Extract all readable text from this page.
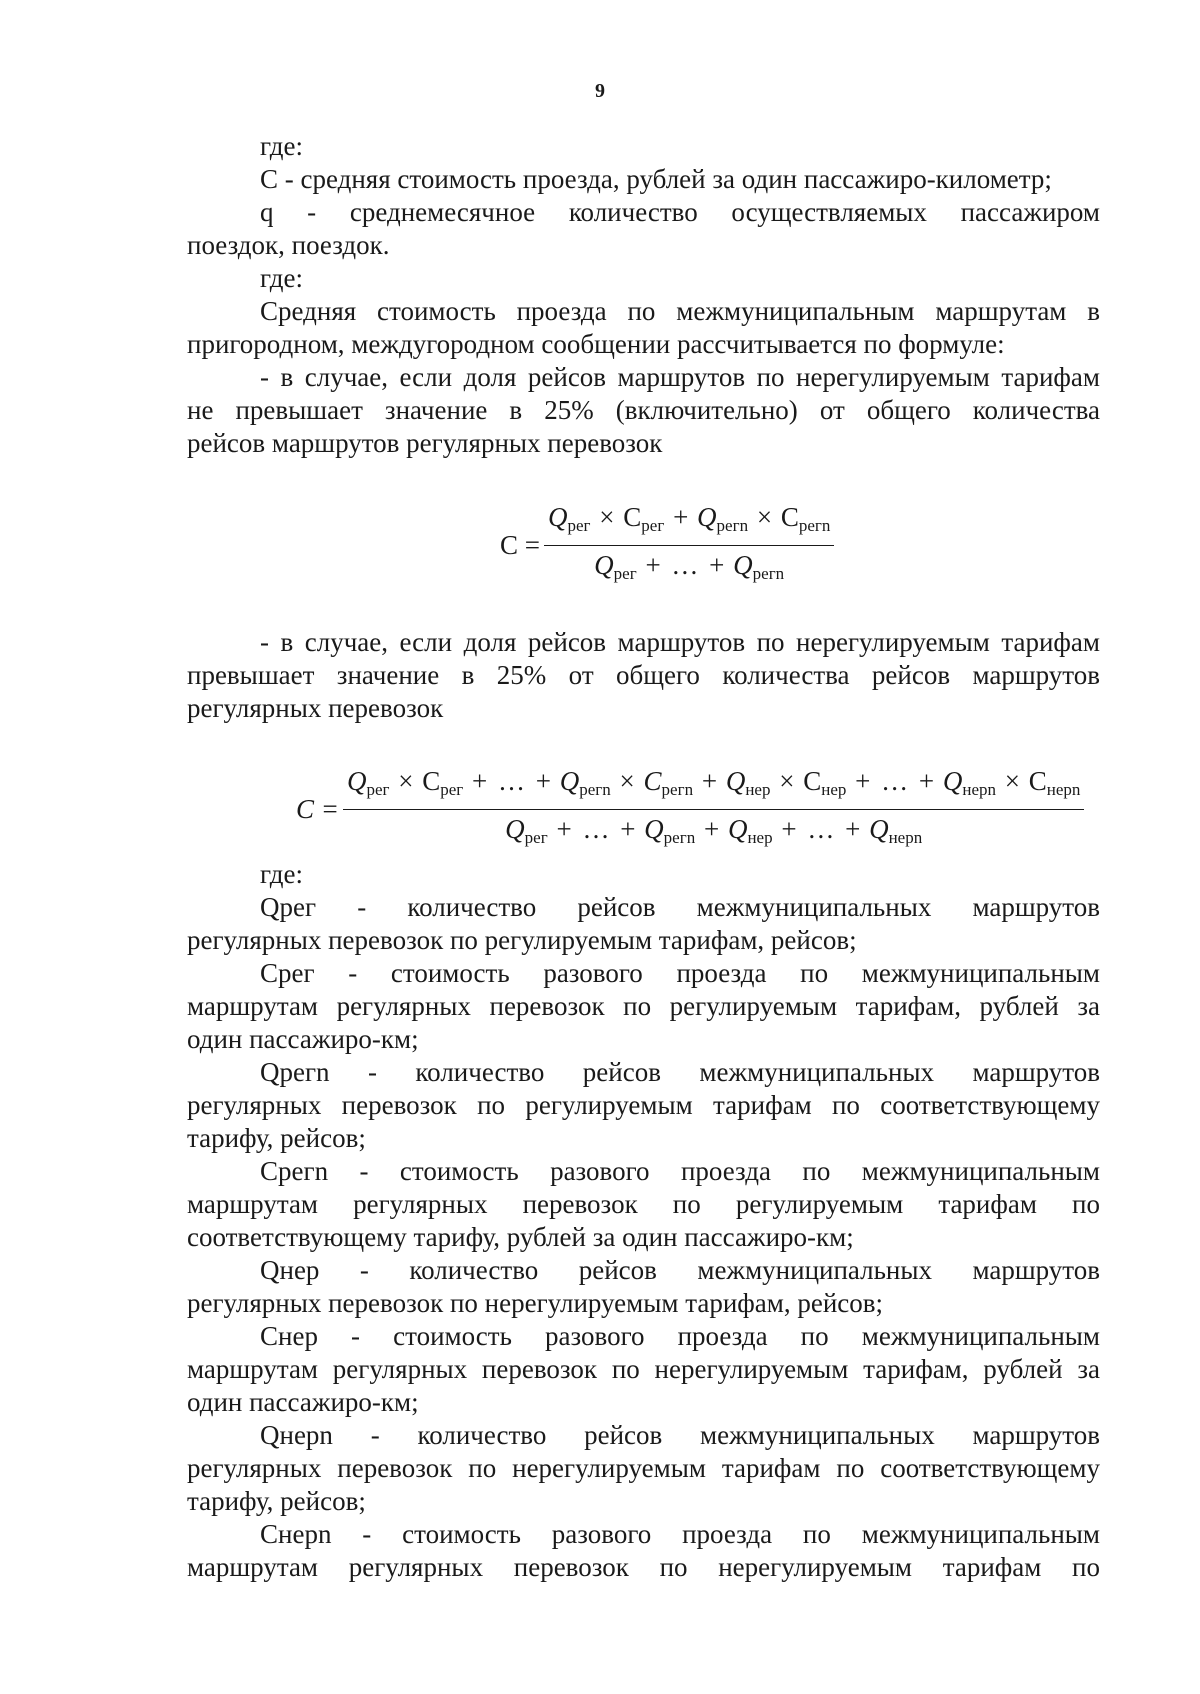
9
где:
С - средняя стоимость проезда, рублей за один пассажиро-километр;
q - среднемесячное количество осуществляемых пассажиром
поездок, поездок.
где:
Средняя стоимость проезда по межмуниципальным маршрутам в
пригородном, междугородном сообщении рассчитывается по формуле:
- в случае, если доля рейсов маршрутов по нерегулируемым тарифам
не превышает значение в 25% (включительно) от общего количества
рейсов маршрутов регулярных перевозок
C =
$Q_{рег} \times C_{рег} + Q_{регn} \times C_{регn}$
$Q_{рег}$ + … + $Q_{регn}$
- в случае, если доля рейсов маршрутов по нерегулируемым тарифам
превышает значение в 25% от общего количества рейсов маршрутов
регулярных перевозок
C =
$Q_{рег} \times C_{рег}$ + … + $Q_{регn} \times C_{регn} + Q_{нер} \times C_{нер}$ + … + $Q_{нерn} \times C_{нерn}$
$Q_{рег}$ + … + $Q_{регn} + Q_{нер}$ + … + $Q_{нерn}$
где:
Qрег - количество рейсов межмуниципальных маршрутов
регулярных перевозок по регулируемым тарифам, рейсов;
Срег - стоимость разового проезда по межмуниципальным
маршрутам регулярных перевозок по регулируемым тарифам, рублей за
один пассажиро-км;
Qрегn - количество рейсов межмуниципальных маршрутов
регулярных перевозок по регулируемым тарифам по соответствующему
тарифу, рейсов;
Срегn - стоимость разового проезда по межмуниципальным
маршрутам регулярных перевозок по регулируемым тарифам по
соответствующему тарифу, рублей за один пассажиро-км;
Qнер - количество рейсов межмуниципальных маршрутов
регулярных перевозок по нерегулируемым тарифам, рейсов;
Снер - стоимость разового проезда по межмуниципальным
маршрутам регулярных перевозок по нерегулируемым тарифам, рублей за
один пассажиро-км;
Qнерn - количество рейсов межмуниципальных маршрутов
регулярных перевозок по нерегулируемым тарифам по соответствующему
тарифу, рейсов;
Снерn - стоимость разового проезда по межмуниципальным
маршрутам регулярных перевозок по нерегулируемым тарифам по
